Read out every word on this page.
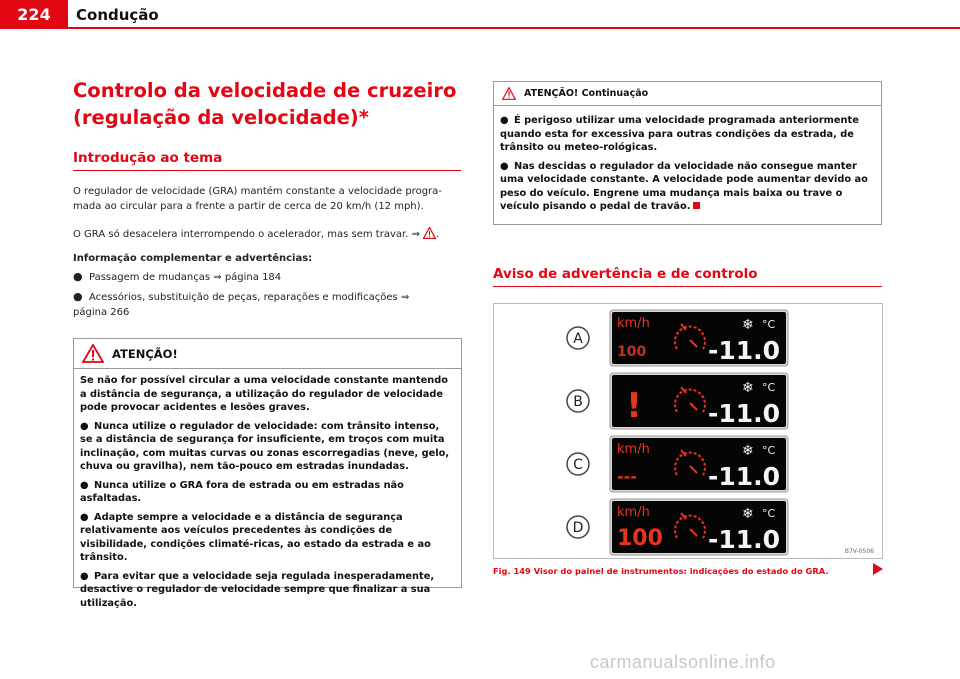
224	Condução
Controlo da velocidade de cruzeiro (regulação da velocidade)*
Introdução ao tema
O regulador de velocidade (GRA) mantém constante a velocidade progra-mada ao circular para a frente a partir de cerca de 20 km/h (12 mph).
O GRA só desacelera interrompendo o acelerador, mas sem travar. ⇒ .
Informação complementar e advertências:
● Passagem de mudanças ⇒ página 184
● Acessórios, substituição de peças, reparações e modificações ⇒ página 266
ATENÇÃO!

Se não for possível circular a uma velocidade constante mantendo a distância de segurança, a utilização do regulador de velocidade pode provocar acidentes e lesões graves.

● Nunca utilize o regulador de velocidade: com trânsito intenso, se a distância de segurança for insuficiente, em troços com muita inclinação, com muitas curvas ou zonas escorregadias (neve, gelo, chuva ou gravilha), nem tão-pouco em estradas inundadas.

● Nunca utilize o GRA fora de estrada ou em estradas não asfaltadas.

● Adapte sempre a velocidade e a distância de segurança relativamente aos veículos precedentes às condições de visibilidade, condições climaté-ricas, ao estado da estrada e ao trânsito.

● Para evitar que a velocidade seja regulada inesperadamente, desactive o regulador de velocidade sempre que finalizar a sua utilização.

ATENÇÃO! Continuação

● É perigoso utilizar uma velocidade programada anteriormente quando esta for excessiva para outras condições da estrada, de trânsito ou meteo-rológicas.

● Nas descidas o regulador da velocidade não consegue manter uma velocidade constante. A velocidade pode aumentar devido ao peso do veículo. Engrene uma mudança mais baixa ou trave o veículo pisando o pedal de travão.

Aviso de advertência e de controlo
A
km/h
100
❄ °C
-11.0
B !	❄ °C
-11.0
C
km/h
---
❄ °C
-11.0
D
km/h
100
❄ °C
-11.0	B7V-0506
Fig. 149 Visor do painel de instrumentos: indicações do estado do GRA.
carmanualsonline.info
